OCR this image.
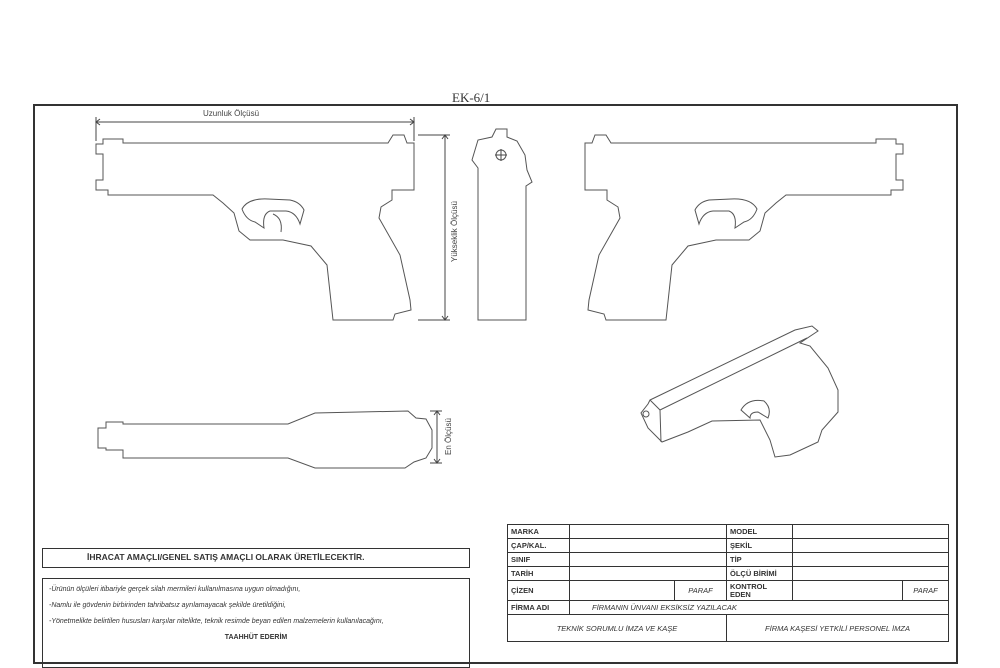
EK-6/1
Uzunluk Ölçüsü
Yükseklik Ölçüsü
En Ölçüsü
İHRACAT AMAÇLI/GENEL SATIŞ AMAÇLI OLARAK ÜRETİLECEKTİR.

-Ürünün ölçüleri itibariyle gerçek silah mermileri kullanılmasına uygun olmadığını,

-Namlu ile gövdenin birbirinden tahribatsız ayrılamayacak şekilde üretildiğini,

-Yönetmelikte belirtilen hususları karşılar nitelikte, teknik resimde beyan edilen malzemelerin kullanılacağını,

TAAHHÜT EDERİM
MARKA			MODEL		
ÇAP/KAL.			ŞEKİL		
SINIF			TİP		
TARİH			ÖLÇÜ BİRİMİ		
ÇİZEN		PARAF	KONTROL EDEN		PARAF
FİRMA ADI	FİRMANIN ÜNVANI EKSİKSİZ YAZILACAK				
TEKNİK SORUMLU İMZA VE KAŞE			FİRMA KAŞESİ YETKİLİ PERSONEL İMZA		
